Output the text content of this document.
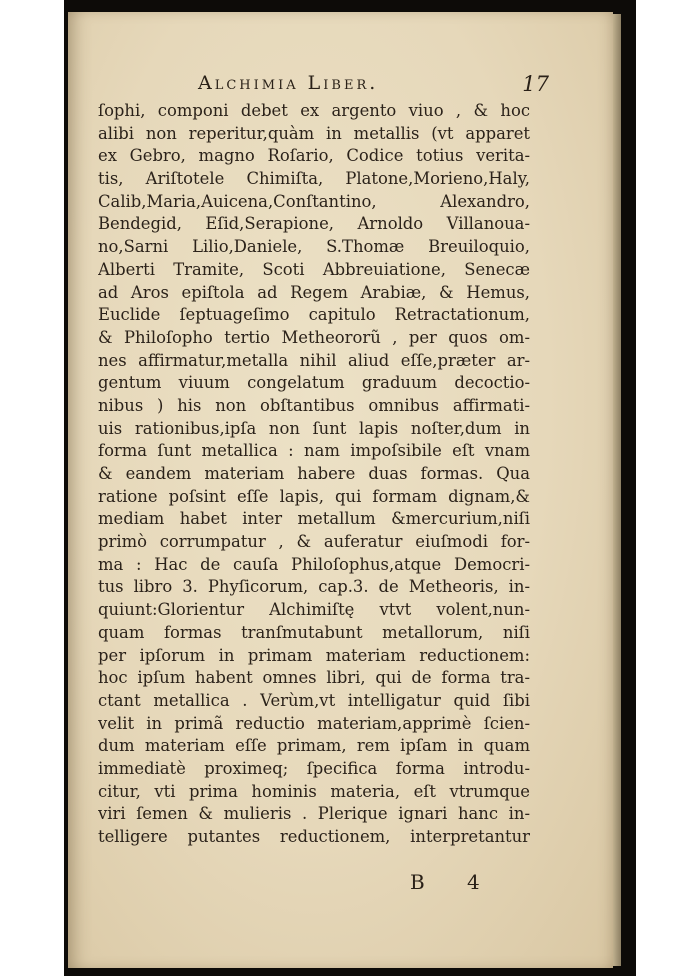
Alchimia Liber.	17
ſophi, componi debet ex argento viuo , & hoc
alibi non reperitur,quàm in metallis (vt apparet
ex Gebro, magno Roſario, Codice totius verita-
tis, Ariſtotele Chimiſta, Platone,Morieno,Haly,
Calib,Maria,Auicena,Conſtantino, Alexandro,
Bendegid, Eſid,Serapione, Arnoldo Villanoua-
no,Sarni Lilio,Daniele, S.Thomæ Breuiloquio,
Alberti Tramite, Scoti Abbreuiatione, Senecæ
ad Aros epiſtola ad Regem Arabiæ, & Hemus,
Euclide ſeptuageſimo capitulo Retractationum,
& Philoſopho tertio Metheororũ , per quos om-
nes affirmatur,metalla nihil aliud eſſe,præter ar-
gentum viuum congelatum graduum decoctio-
nibus ) his non obſtantibus omnibus affirmati-
uis rationibus,ipſa non ſunt lapis noſter,dum in
forma ſunt metallica : nam impoſsibile eſt vnam
& eandem materiam habere duas formas. Qua
ratione poſsint eſſe lapis, qui formam dignam,&
mediam habet inter metallum &mercurium,niſi
primò corrumpatur , & auferatur eiuſmodi for-
ma : Hac de cauſa Philoſophus,atque Democri-
tus libro 3. Phyſicorum, cap.3. de Metheoris, in-
quiunt:Glorientur Alchimiſtę vtvt volent,nun-
quam formas tranſmutabunt metallorum, niſi
per ipſorum in primam materiam reductionem:
hoc ipſum habent omnes libri, qui de forma tra-
ctant metallica . Verùm,vt intelligatur quid ſibi
velit in primã reductio materiam,apprimè ſcien-
dum materiam eſſe primam, rem ipſam in quam
immediatè proximeq; ſpecifica forma introdu-
citur, vti prima hominis materia, eſt vtrumque
viri ſemen & mulieris . Plerique ignari hanc in-
telligere putantes reductionem, interpretantur
B 4
